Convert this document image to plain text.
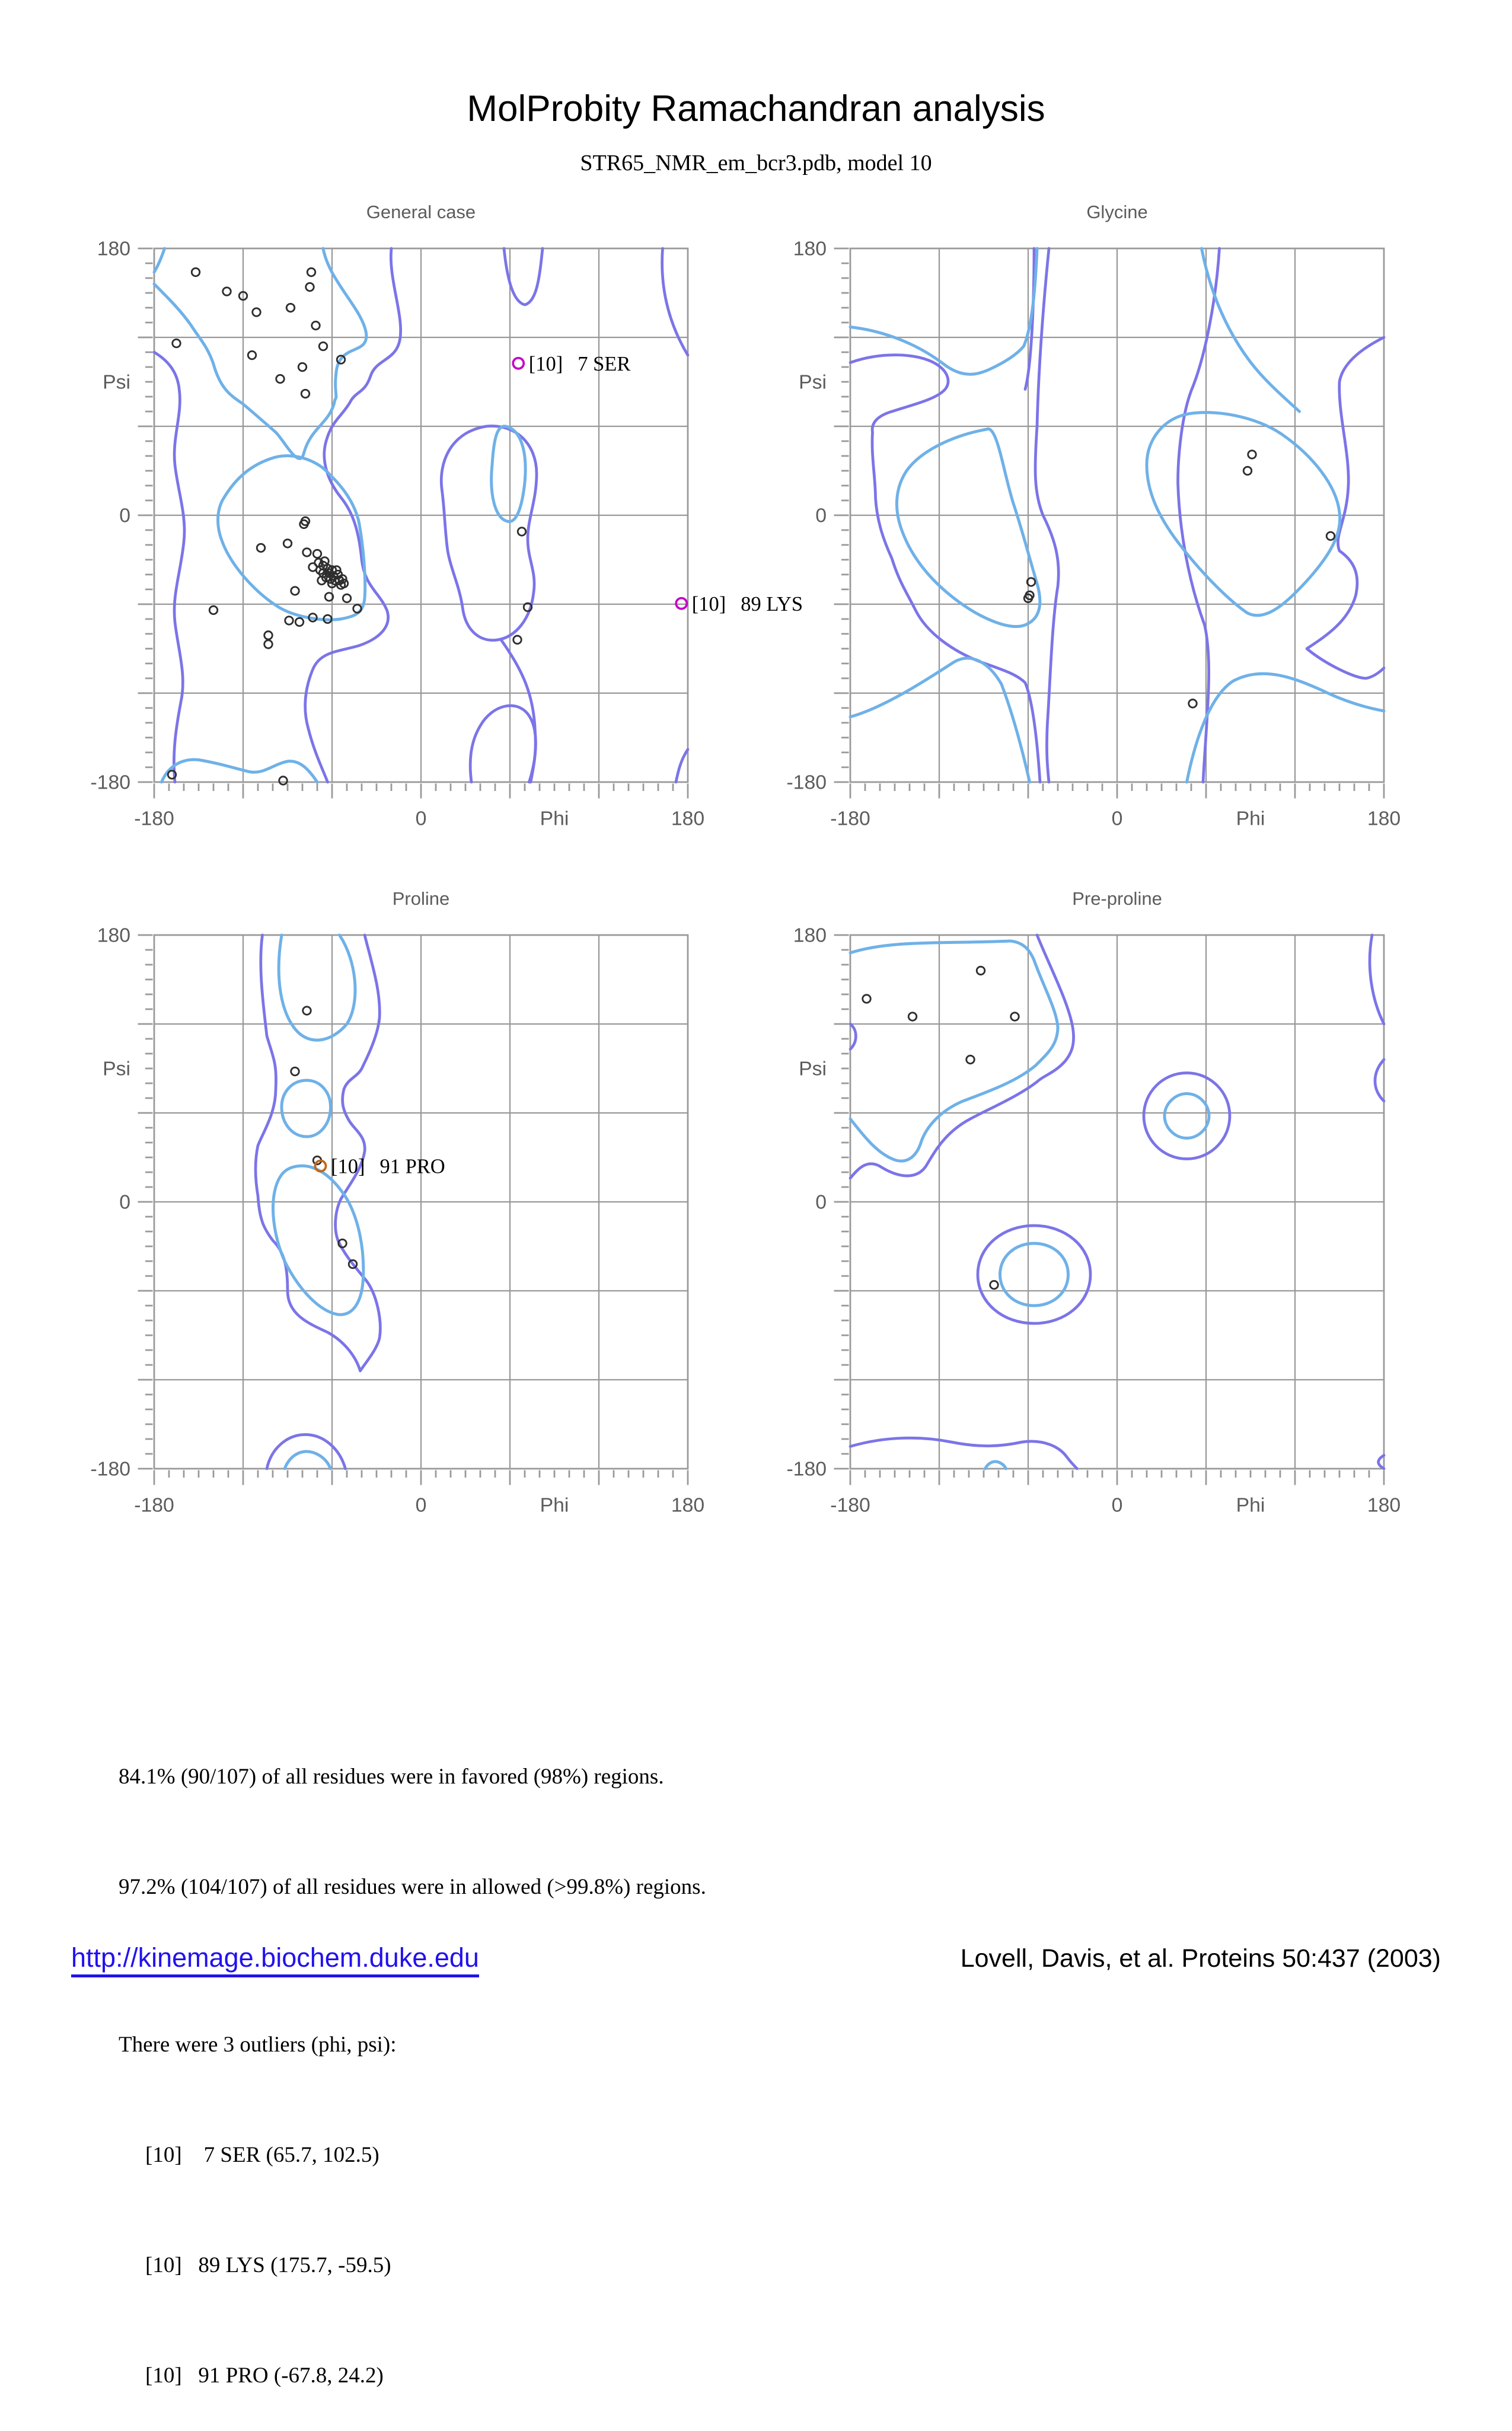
MolProbity Ramachandran analysis
STR65_NMR_em_bcr3.pdb, model 10
General case
180
Psi
0
-180
-180	0	Phi	180
[10] 7 SER
[10] 89 LYS
Glycine
180
Psi
0
-180
-180	0	Phi	180
Proline
180
Psi
0
-180
-180	0	Phi	180
[10] 91 PRO
Pre-proline
180
Psi
0
-180
-180	0	Phi	180

84.1% (90/107) of all residues were in favored (98%) regions.

97.2% (104/107) of all residues were in allowed (>99.8%) regions.

There were 3 outliers (phi, psi):

[10]    7 SER (65.7, 102.5)

[10]   89 LYS (175.7, -59.5)

[10]   91 PRO (-67.8, 24.2)

http://kinemage.biochem.duke.edu	Lovell, Davis, et al. Proteins 50:437 (2003)
